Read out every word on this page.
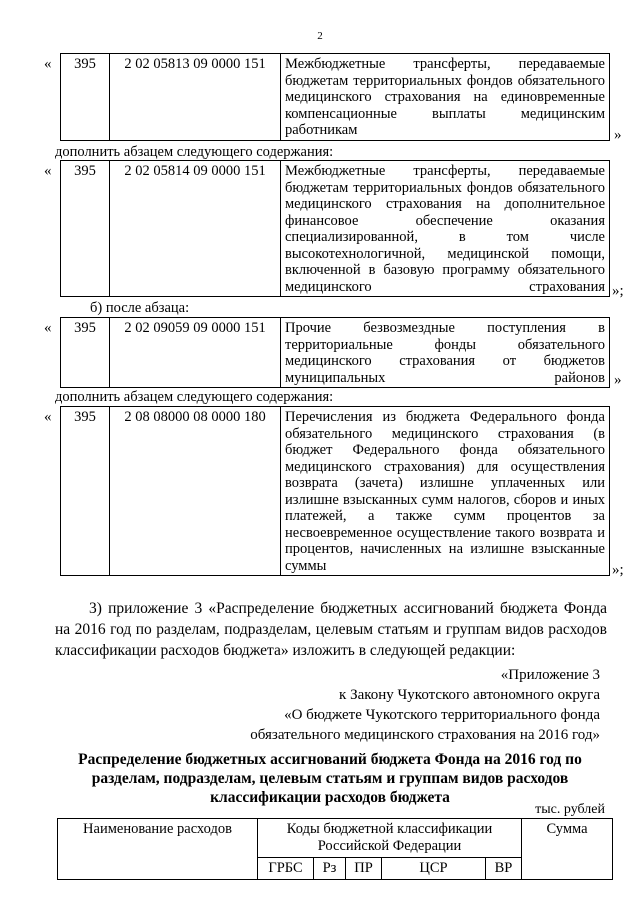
2
« 395	2 02 05813 09 0000 151	Межбюджетные трансферты, передаваемые бюджетам территориальных фондов обязательного медицинского страхования на единовременные компенсационные выплаты медицинским работникам	»
дополнить абзацем следующего содержания:
« 395	2 02 05814 09 0000 151	Межбюджетные трансферты, передаваемые бюджетам территориальных фондов обязательного медицинского страхования на дополнительное финансовое обеспечение оказания специализированной, в том числе высокотехнологичной, медицинской помощи, включенной в базовую программу обязательного медицинского страхования »;
б) после абзаца:
« 395	2 02 09059 09 0000 151	Прочие безвозмездные поступления в территориальные фонды обязательного медицинского страхования от бюджетов муниципальных районов »
дополнить абзацем следующего содержания:
« 395	2 08 08000 08 0000 180	Перечисления из бюджета Федерального фонда обязательного медицинского страхования (в бюджет Федерального фонда обязательного медицинского страхования) для осуществления возврата (зачета) излишне уплаченных или излишне взысканных сумм налогов, сборов и иных платежей, а также сумм процентов за несвоевременное осуществление такого возврата и процентов, начисленных на излишне взысканные суммы	»;
3) приложение 3 «Распределение бюджетных ассигнований бюджета Фонда на 2016 год по разделам, подразделам, целевым статьям и группам видов расходов классификации расходов бюджета» изложить в следующей редакции:
«Приложение 3
к Закону Чукотского автономного округа
«О бюджете Чукотского территориального фонда
обязательного медицинского страхования на 2016 год»
Распределение бюджетных ассигнований бюджета Фонда на 2016 год по разделам, подразделам, целевым статьям и группам видов расходов классификации расходов бюджета
тыс. рублей
Наименование расходов	Коды бюджетной классификации Российской Федерации					Сумма
	ГРБС	Рз	ПР	ЦСР	ВР	
